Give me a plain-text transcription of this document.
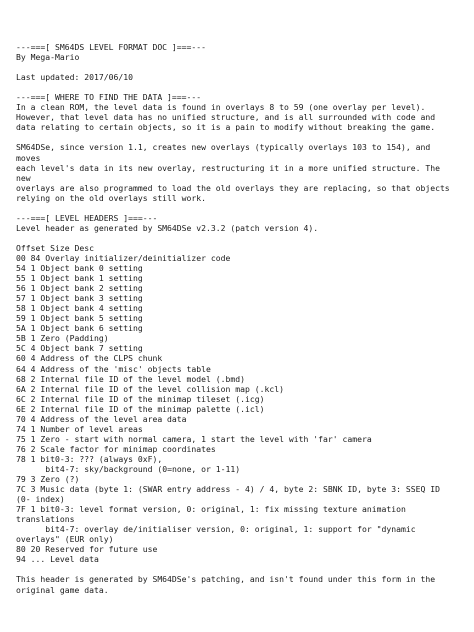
---===[ SM64DS LEVEL FORMAT DOC ]===---
By Mega-Mario
Last updated: 2017/06/10
---===[ WHERE TO FIND THE DATA ]===---
In a clean ROM, the level data is found in overlays 8 to 59 (one overlay per level).
However, that level data has no unified structure, and is all surrounded with code and
data relating to certain objects, so it is a pain to modify without breaking the game.
SM64DSe, since version 1.1, creates new overlays (typically overlays 103 to 154), and moves
each level's data in its new overlay, restructuring it in a more unified structure. The new
overlays are also programmed to load the old overlays they are replacing, so that objects
relying on the old overlays still work.
---===[ LEVEL HEADERS ]===---
Level header as generated by SM64DSe v2.3.2 (patch version 4).
Offset Size Desc
00 84 Overlay initializer/deinitializer code
54 1 Object bank 0 setting
55 1 Object bank 1 setting
56 1 Object bank 2 setting
57 1 Object bank 3 setting
58 1 Object bank 4 setting
59 1 Object bank 5 setting
5A 1 Object bank 6 setting
5B 1 Zero (Padding)
5C 4 Object bank 7 setting
60 4 Address of the CLPS chunk
64 4 Address of the 'misc' objects table
68 2 Internal file ID of the level model (.bmd)
6A 2 Internal file ID of the level collision map (.kcl)
6C 2 Internal file ID of the minimap tileset (.icg)
6E 2 Internal file ID of the minimap palette (.icl)
70 4 Address of the level area data
74 1 Number of level areas
75 1 Zero - start with normal camera, 1 start the level with 'far' camera
76 2 Scale factor for minimap coordinates
78 1 bit0-3: ??? (always 0xF),
bit4-7: sky/background (0=none, or 1-11)
79 3 Zero (?)
7C 3 Music data (byte 1: (SWAR entry address - 4) / 4, byte 2: SBNK ID, byte 3: SSEQ ID (0- index)
7F 1 bit0-3: level format version, 0: original, 1: fix missing texture animation translations
bit4-7: overlay de/initialiser version, 0: original, 1: support for "dynamic overlays" (EUR only)
80 20 Reserved for future use
94 ... Level data
This header is generated by SM64DSe's patching, and isn't found under this form in the original game data.
